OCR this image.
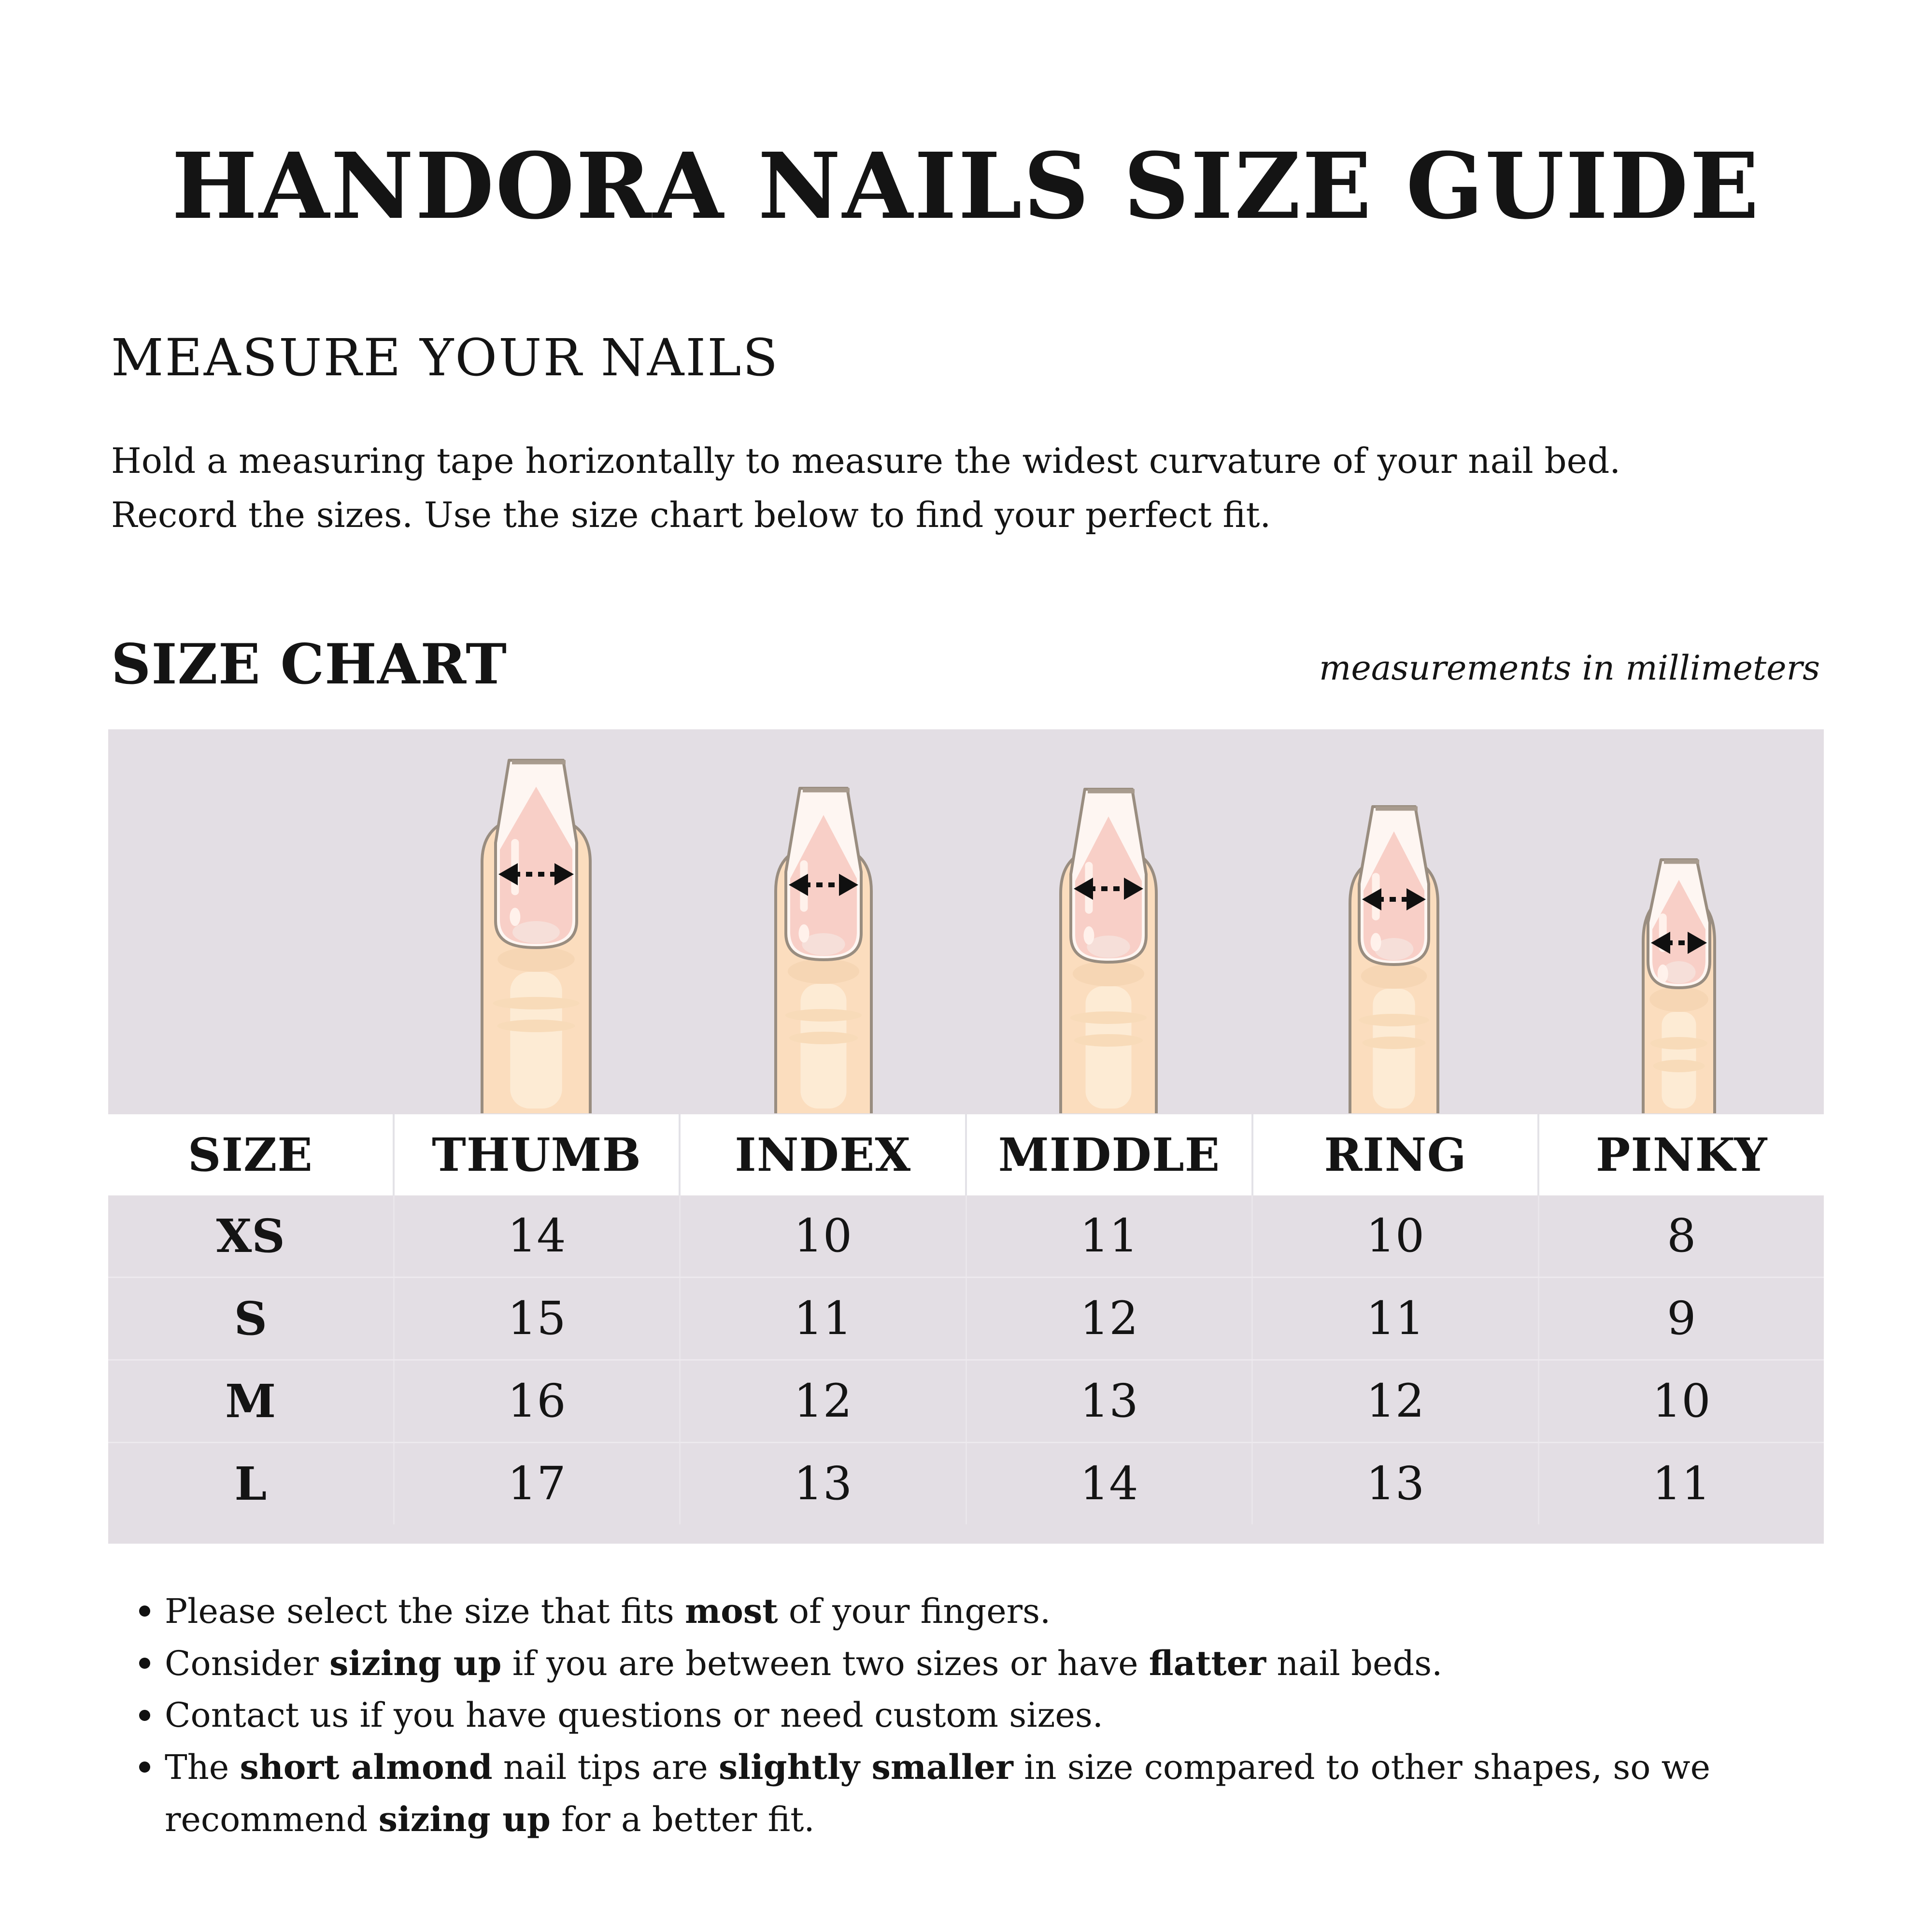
HANDORA NAILS SIZE GUIDE
MEASURE YOUR NAILS
Hold a measuring tape horizontally to measure the widest curvature of your nail bed.
Record the sizes. Use the size chart below to find your perfect fit.
SIZE CHART	measurements in millimeters
SIZE	THUMB	INDEX	MIDDLE	RING	PINKY
XS	14	10	11	10	8
S	15	11	12	11	9
M	16	12	13	12	10
L	17	13	14	13	11
Please select the size that fits most of your fingers.
Consider sizing up if you are between two sizes or have flatter nail beds.
Contact us if you have questions or need custom sizes.
The short almond nail tips are slightly smaller in size compared to other shapes, so we recommend sizing up for a better fit.
